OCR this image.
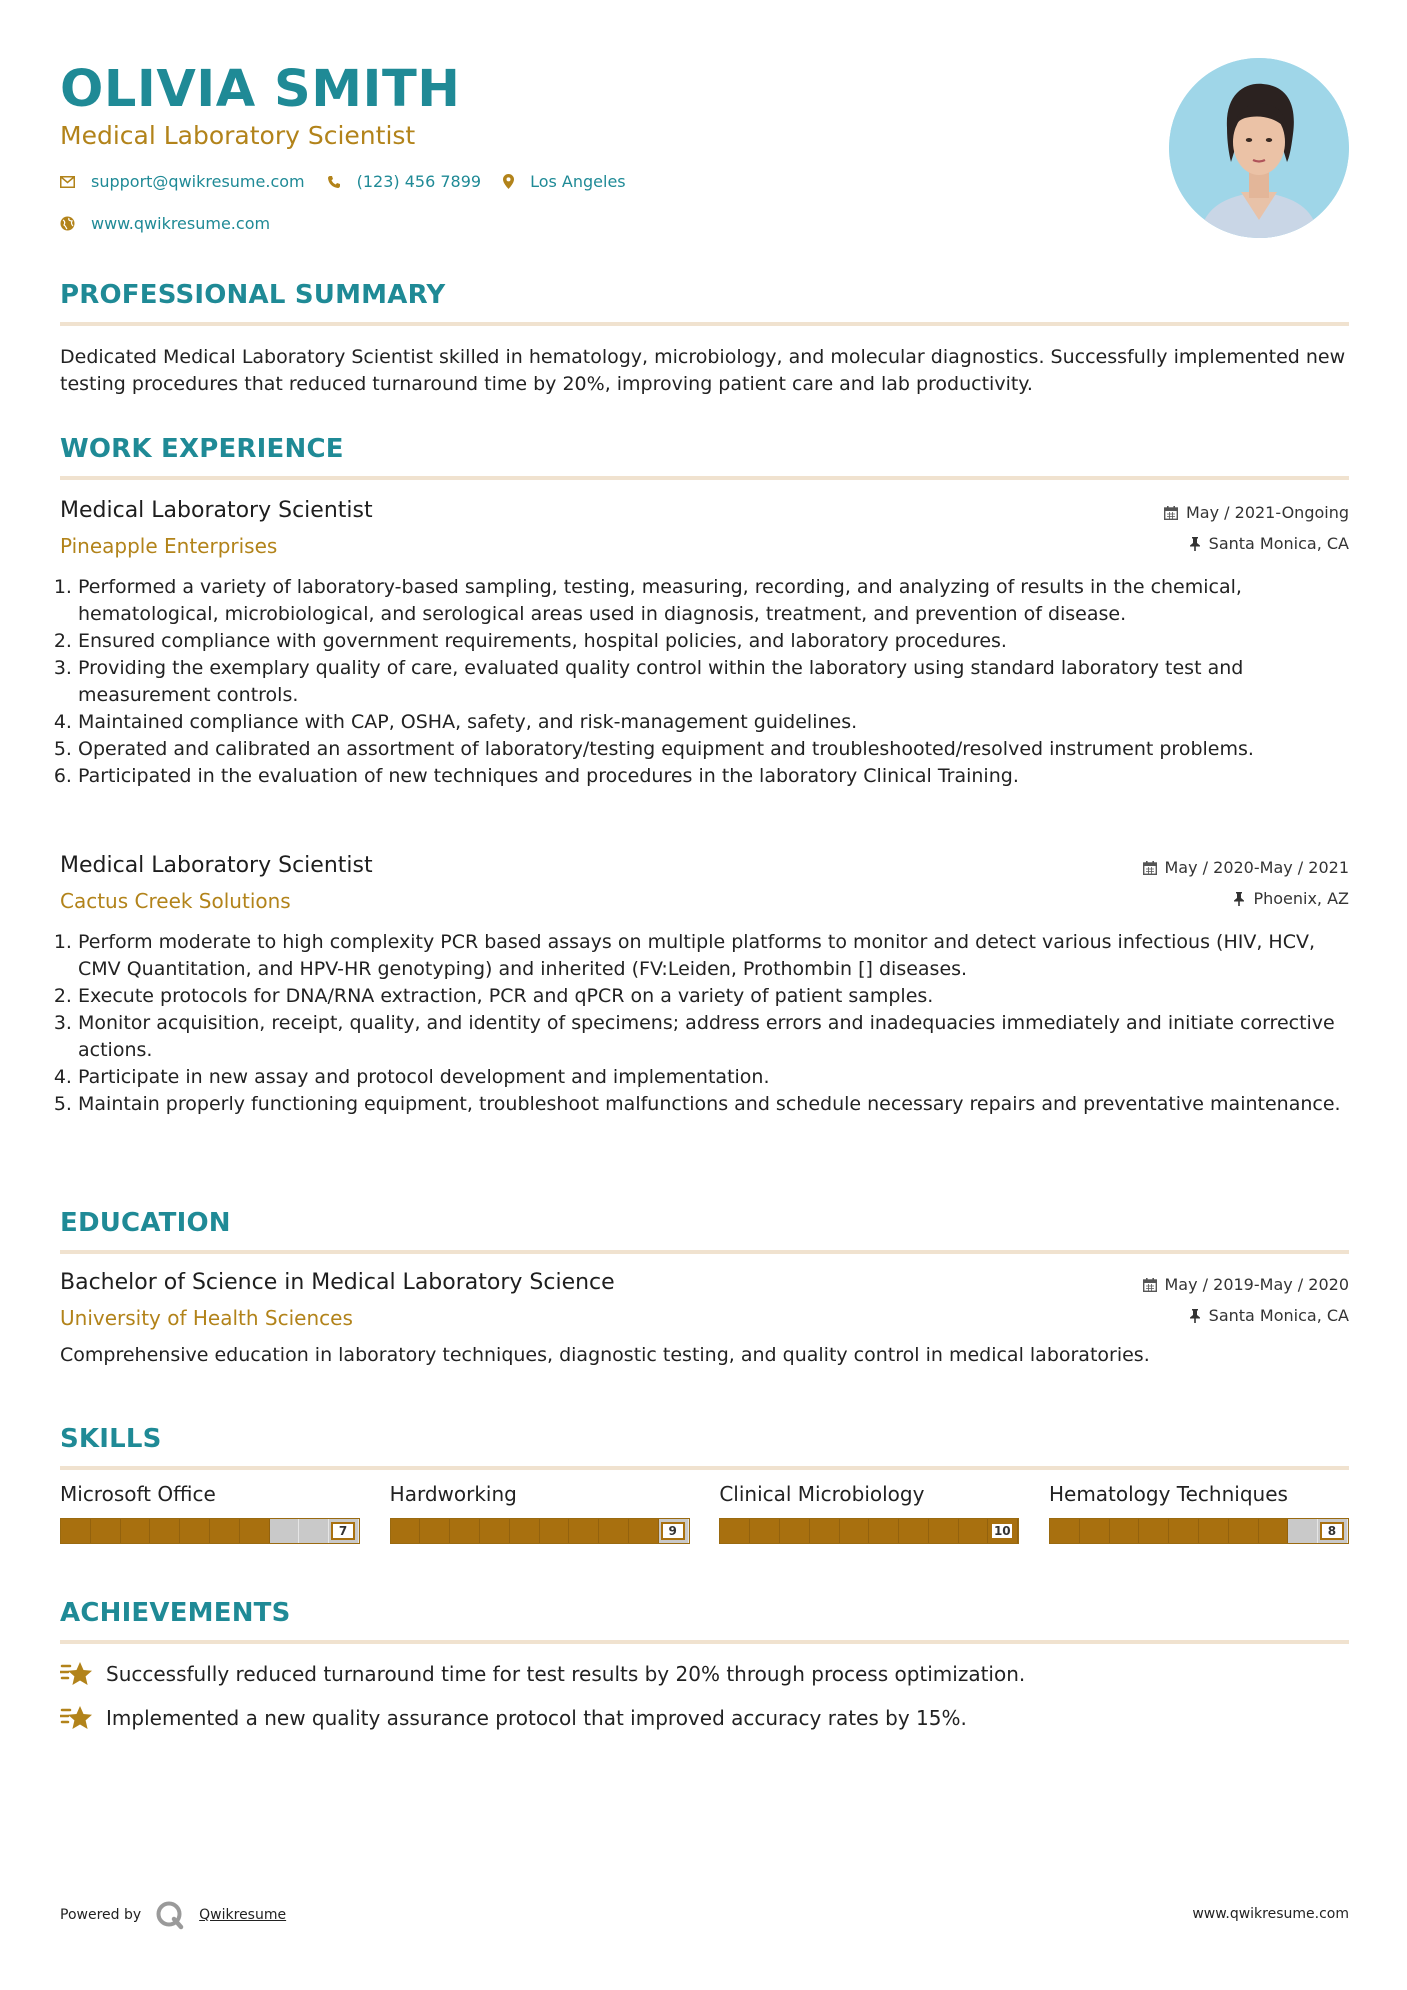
OLIVIA SMITH
Medical Laboratory Scientist
support@qwikresume.com	(123) 456 7899	Los Angeles
www.qwikresume.com
PROFESSIONAL SUMMARY

Dedicated Medical Laboratory Scientist skilled in hematology, microbiology, and molecular diagnostics. Successfully implemented new testing procedures that reduced turnaround time by 20%, improving patient care and lab productivity.

WORK EXPERIENCE
Medical Laboratory Scientist
Pineapple Enterprises
May / 2021-Ongoing
Santa Monica, CA
1. Performed a variety of laboratory-based sampling, testing, measuring, recording, and analyzing of results in the chemical, hematological, microbiological, and serological areas used in diagnosis, treatment, and prevention of disease.
2. Ensured compliance with government requirements, hospital policies, and laboratory procedures.
3. Providing the exemplary quality of care, evaluated quality control within the laboratory using standard laboratory test and measurement controls.
4. Maintained compliance with CAP, OSHA, safety, and risk-management guidelines.
5. Operated and calibrated an assortment of laboratory/testing equipment and troubleshooted/resolved instrument problems.
6. Participated in the evaluation of new techniques and procedures in the laboratory Clinical Training.
Medical Laboratory Scientist
Cactus Creek Solutions
May / 2020-May / 2021
Phoenix, AZ
1. Perform moderate to high complexity PCR based assays on multiple platforms to monitor and detect various infectious (HIV, HCV, CMV Quantitation, and HPV-HR genotyping) and inherited (FV:Leiden, Prothombin [] diseases.
2. Execute protocols for DNA/RNA extraction, PCR and qPCR on a variety of patient samples.
3. Monitor acquisition, receipt, quality, and identity of specimens; address errors and inadequacies immediately and initiate corrective actions.
4. Participate in new assay and protocol development and implementation.
5. Maintain properly functioning equipment, troubleshoot malfunctions and schedule necessary repairs and preventative maintenance.
EDUCATION
Bachelor of Science in Medical Laboratory Science
University of Health Sciences
May / 2019-May / 2020
Santa Monica, CA

Comprehensive education in laboratory techniques, diagnostic testing, and quality control in medical laboratories.

SKILLS
Microsoft Office
7
Hardworking
9
Clinical Microbiology
10
Hematology Techniques
8
ACHIEVEMENTS
Successfully reduced turnaround time for test results by 20% through process optimization.
Implemented a new quality assurance protocol that improved accuracy rates by 15%.
Powered by	Qwikresume	www.qwikresume.com
